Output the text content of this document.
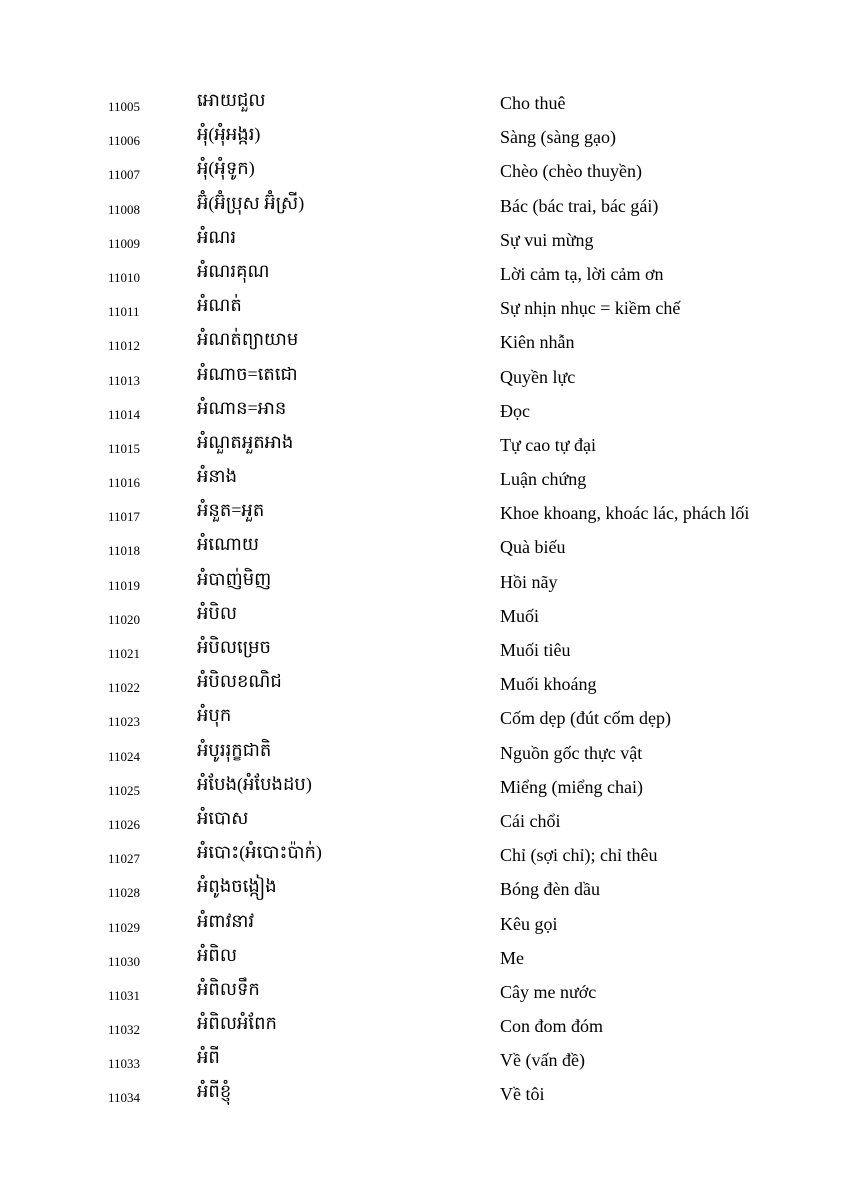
11005	អោយជួល	Cho thuê
11006	អុំ(អុំអង្ករ)	Sàng (sàng gạo)
11007	អុំ(អុំទូក)	Chèo (chèo thuyền)
11008	អ៊ំ(អ៊ំប្រុស អ៊ំស្រី)	Bác (bác trai, bác gái)
11009	អំណរ	Sự vui mừng
11010	អំណរគុណ	Lời cảm tạ, lời cảm ơn
11011	អំណត់	Sự nhịn nhục = kiềm chế
11012	អំណត់ព្យាយាម	Kiên nhẫn
11013	អំណាច=តេជោ	Quyền lực
11014	អំណាន=អាន	Đọc
11015	អំណួតអួតអាង	Tự cao tự đại
11016	អំនាង	Luận chứng
11017	អំនួត=អួត	Khoe khoang, khoác lác, phách lối
11018	អំណោយ	Quà biếu
11019	អំបាញ់មិញ	Hồi nãy
11020	អំបិល	Muối
11021	អំបិលម្រេច	Muối tiêu
11022	អំបិលខណិជ	Muối khoáng
11023	អំបុក	Cốm dẹp (đút cốm dẹp)
11024	អំបូររុក្ខជាតិ	Nguồn gốc thực vật
11025	អំបែង(អំបែងដប)	Miểng (miểng chai)
11026	អំបោស	Cái chổi
11027	អំបោះ(អំបោះប៉ាក់)	Chỉ (sợi chỉ); chỉ thêu
11028	អំពូងចង្កៀង	Bóng đèn dầu
11029	អំពាវនាវ	Kêu gọi
11030	អំពិល	Me
11031	អំពិលទឹក	Cây me nước
11032	អំពិលអំពែក	Con đom đóm
11033	អំពី	Về (vấn đề)
11034	អំពីខ្ញុំ	Về tôi
